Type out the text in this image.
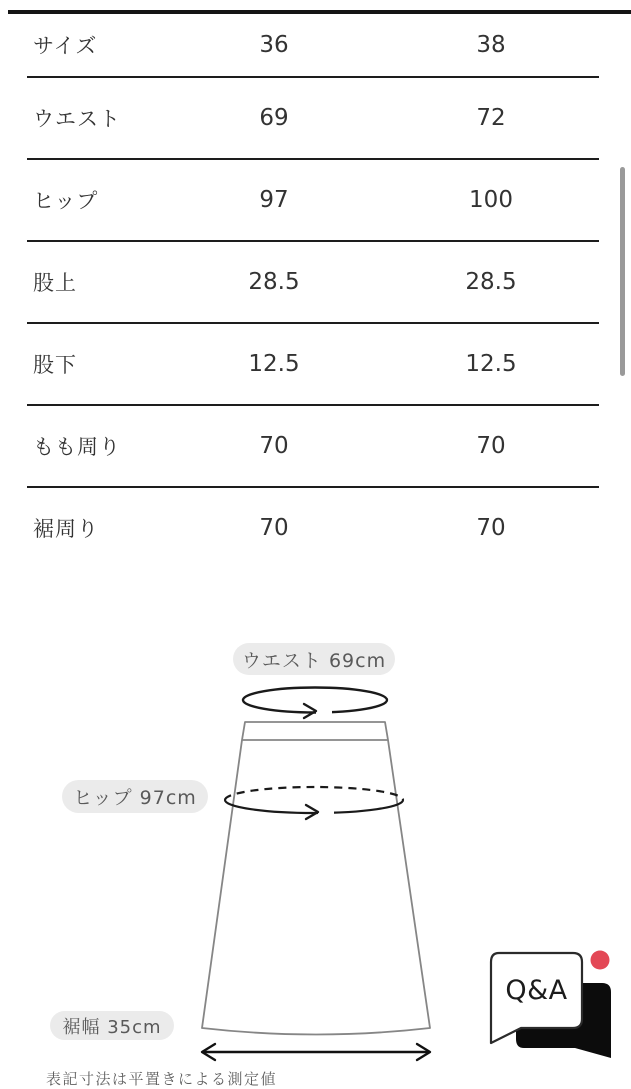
サイズ	36	38
ウエスト	69	72
ヒップ	97	100
股上	28.5	28.5
股下	12.5	12.5
もも周り	70	70
裾周り	70	70
ウエスト 69cm
ヒップ 97cm
裾幅 35cm
表記寸法は平置きによる測定値
Q&A
